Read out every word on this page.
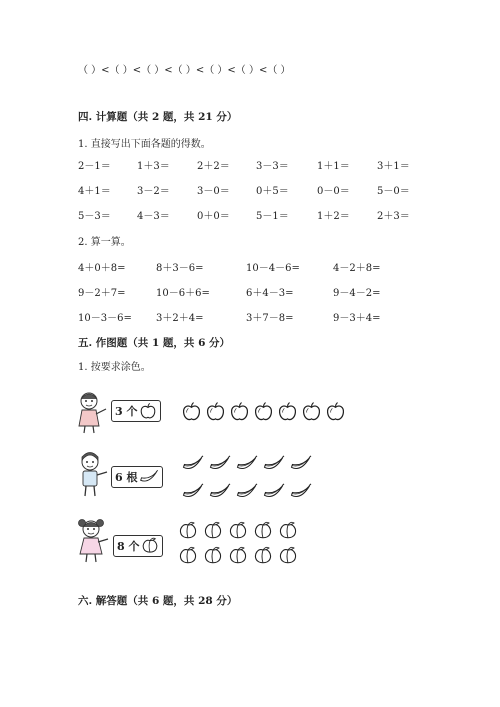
（ ）<（ ）<（ ）<（ ）<（ ）<（ ）<（ ）
四. 计算题（共 2 题，共 21 分）
1. 直接写出下面各题的得数。
2－1＝	1＋3＝	2＋2＝	3－3＝	1＋1＝	3＋1＝
4＋1＝	3－2＝	3－0＝	0＋5＝	0－0＝	5－0＝
5－3＝	4－3＝	0＋0＝	5－1＝	1＋2＝	2＋3＝
2. 算一算。
4＋0＋8=	8＋3－6=	10－4－6=	4－2＋8=
9－2＋7=	10－6＋6=	6＋4－3=	9－4－2=
10－3－6= 3＋2＋4=	3＋7－8=	9－3＋4=
五. 作图题（共 1 题，共 6 分）
1. 按要求涂色。
3 个
6 根
8 个
六. 解答题（共 6 题，共 28 分）
